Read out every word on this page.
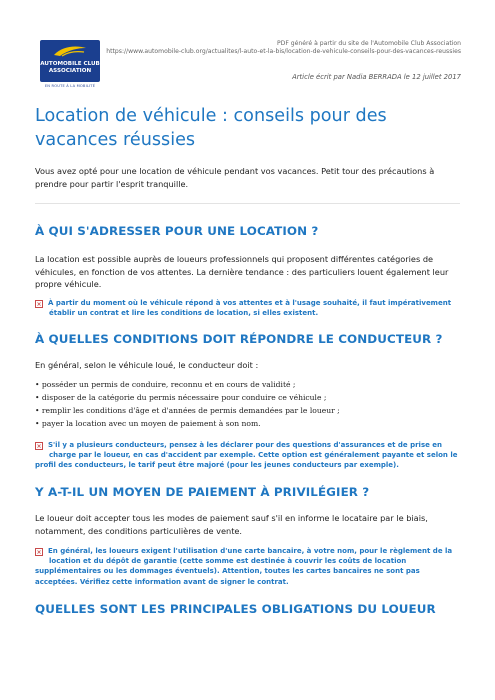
AUTOMOBILE CLUB
ASSOCIATION
EN ROUTE À LA MOBILITÉ
PDF généré à partir du site de l'Automobile Club Association
https://www.automobile-club.org/actualites/l-auto-et-la-bis/location-de-vehicule-conseils-pour-des-vacances-reussies
Article écrit par Nadia BERRADA le 12 juillet 2017
Location de véhicule : conseils pour des vacances réussies
Vous avez opté pour une location de véhicule pendant vos vacances. Petit tour des précautions à prendre pour partir l'esprit tranquille.
À QUI S'ADRESSER POUR UNE LOCATION ?
La location est possible auprès de loueurs professionnels qui proposent différentes catégories de véhicules, en fonction de vos attentes. La dernière tendance : des particuliers louent également leur propre véhicule.
× À partir du moment où le véhicule répond à vos attentes et à l'usage souhaité, il faut impérativement
établir un contrat et lire les conditions de location, si elles existent.
À QUELLES CONDITIONS DOIT RÉPONDRE LE CONDUCTEUR ?
En général, selon le véhicule loué, le conducteur doit :
• posséder un permis de conduire, reconnu et en cours de validité ;
• disposer de la catégorie du permis nécessaire pour conduire ce véhicule ;
• remplir les conditions d'âge et d'années de permis demandées par le loueur ;
• payer la location avec un moyen de paiement à son nom.
× S'il y a plusieurs conducteurs, pensez à les déclarer pour des questions d'assurances et de prise en
charge par le loueur, en cas d'accident par exemple. Cette option est généralement payante et selon le
profil des conducteurs, le tarif peut être majoré (pour les jeunes conducteurs par exemple).
Y A-T-IL UN MOYEN DE PAIEMENT À PRIVILÉGIER ?
Le loueur doit accepter tous les modes de paiement sauf s'il en informe le locataire par le biais, notamment, des conditions particulières de vente.
× En général, les loueurs exigent l'utilisation d'une carte bancaire, à votre nom, pour le règlement de la
location et du dépôt de garantie (cette somme est destinée à couvrir les coûts de location
supplémentaires ou les dommages éventuels). Attention, toutes les cartes bancaires ne sont pas acceptées. Vérifiez cette information avant de signer le contrat.
QUELLES SONT LES PRINCIPALES OBLIGATIONS DU LOUEUR
